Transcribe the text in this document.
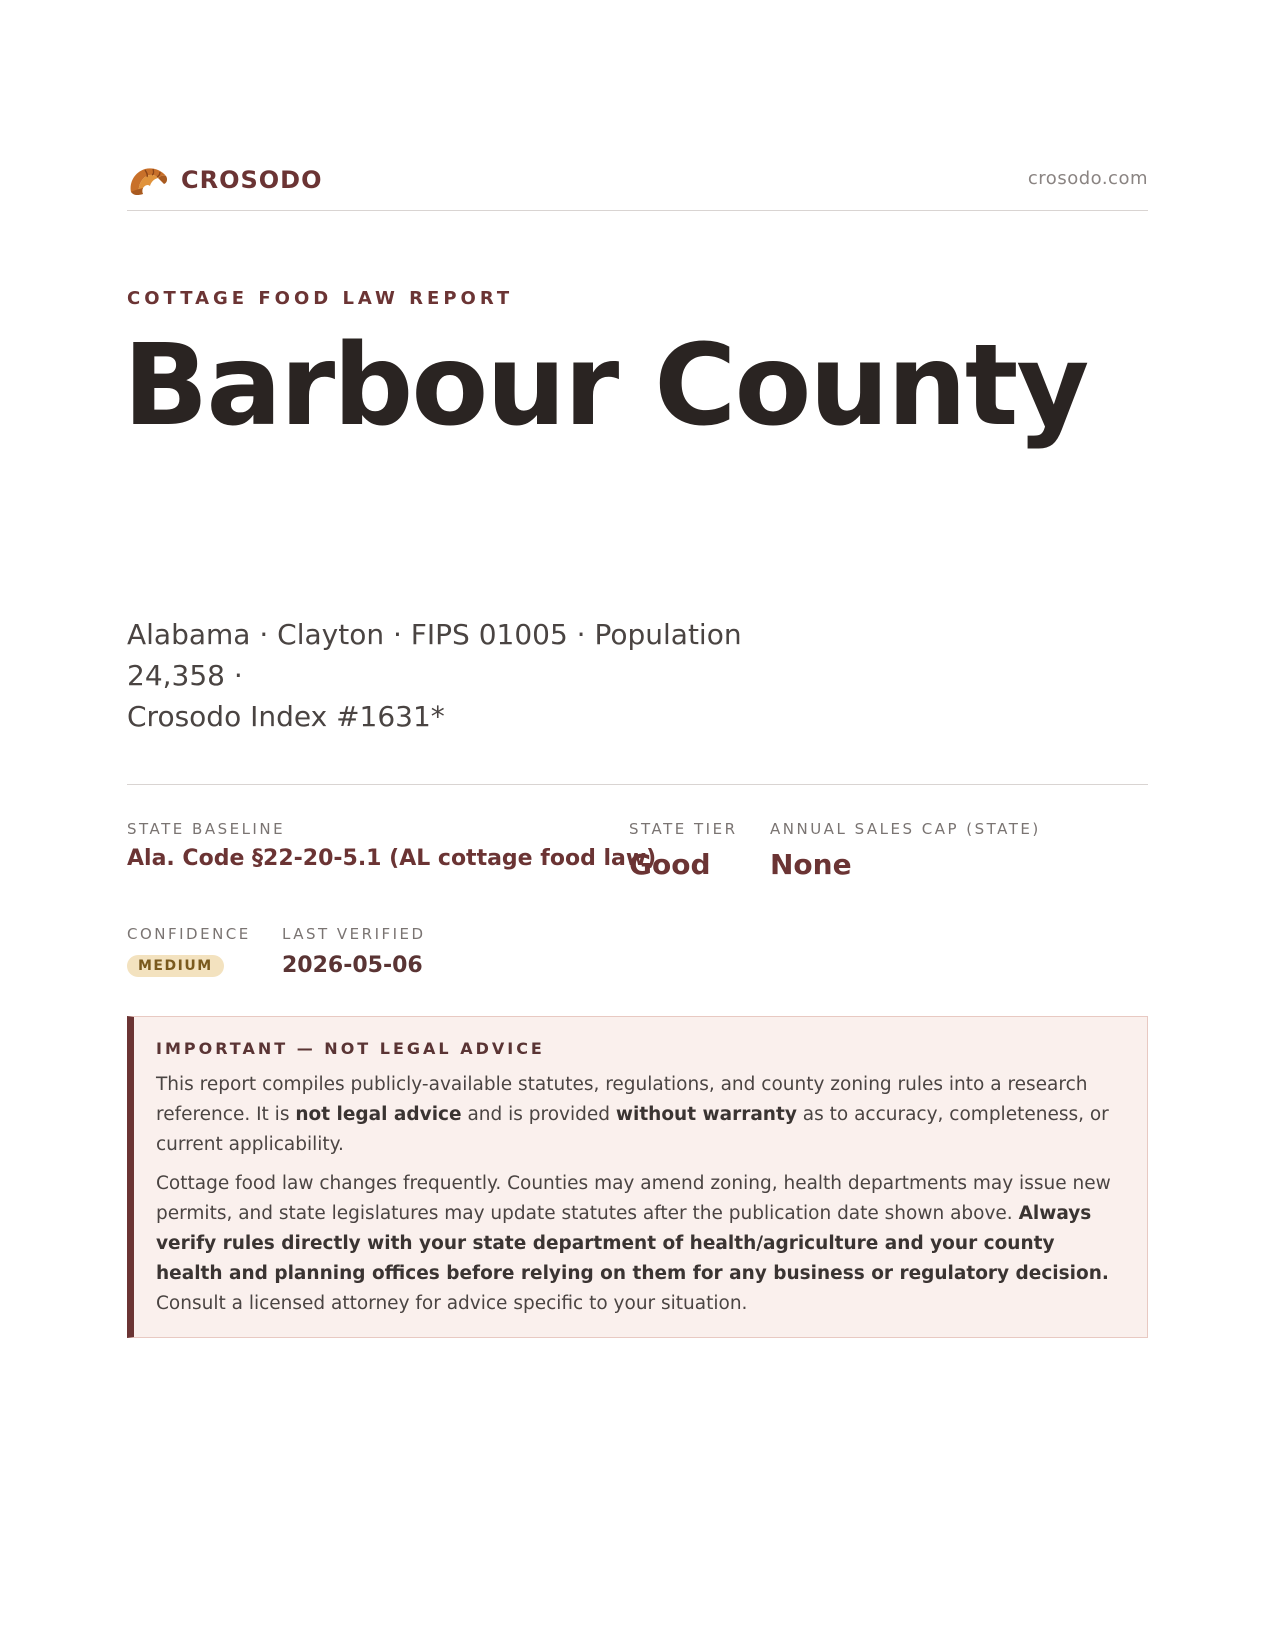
CROSODO	crosodo.com
COTTAGE FOOD LAW REPORT
Barbour County
Alabama · Clayton · FIPS 01005 · Population 24,358 ·
Crosodo Index #1631*
STATE BASELINE
Ala. Code §22-20-5.1 (AL cottage food law)
STATE TIER
Good
ANNUAL SALES CAP (STATE)
None
CONFIDENCE
MEDIUM
LAST VERIFIED
2026-05-06
IMPORTANT — NOT LEGAL ADVICE

This report compiles publicly-available statutes, regulations, and county zoning rules into a research reference. It is not legal advice and is provided without warranty as to accuracy, completeness, or current applicability.

Cottage food law changes frequently. Counties may amend zoning, health departments may issue new permits, and state legislatures may update statutes after the publication date shown above. Always verify rules directly with your state department of health/agriculture and your county health and planning offices before relying on them for any business or regulatory decision. Consult a licensed attorney for advice specific to your situation.
